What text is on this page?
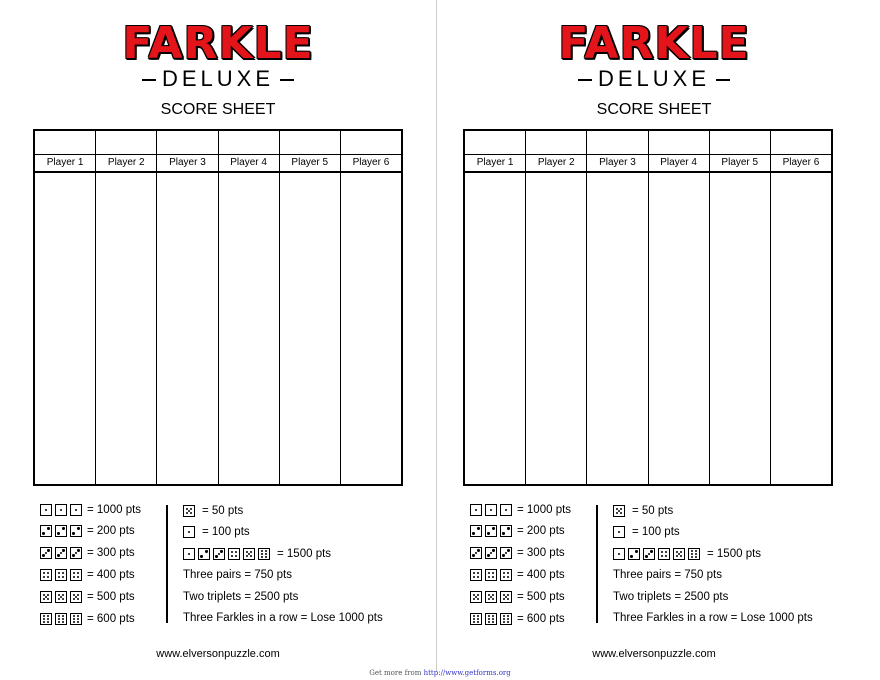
FARKLE
DELUXE
SCORE SHEET
Player 1	Player 2	Player 3	Player 4	Player 5	Player 6
www.elversonpuzzle.com
= 1000 pts
= 200 pts
= 300 pts
= 400 pts
= 500 pts
= 600 pts
= 50 pts
= 100 pts
= 1500 pts
Three pairs = 750 pts
Two triplets = 2500 pts
Three Farkles in a row = Lose 1000 pts
FARKLE
DELUXE
SCORE SHEET
Player 1	Player 2	Player 3	Player 4	Player 5	Player 6
www.elversonpuzzle.com
= 1000 pts
= 200 pts
= 300 pts
= 400 pts
= 500 pts
= 600 pts
= 50 pts
= 100 pts
= 1500 pts
Three pairs = 750 pts
Two triplets = 2500 pts
Three Farkles in a row = Lose 1000 pts
Get more from http://www.getforms.org
